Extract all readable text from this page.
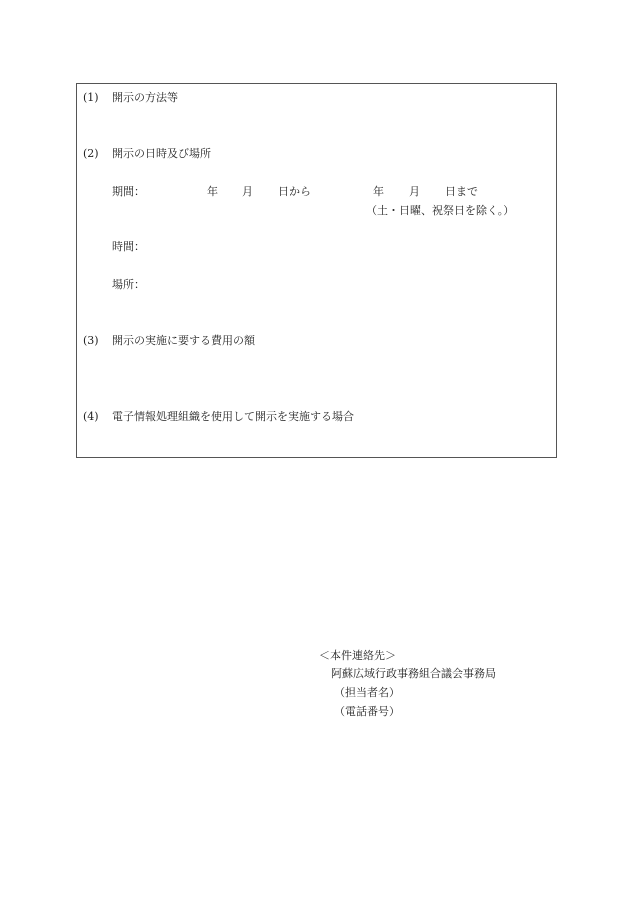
(1) 開示の方法等
(2) 開示の日時及び場所
期間：	年 月 日から	年 月 日まで
（土・日曜、祝祭日を除く。）
時間：
場所：
(3) 開示の実施に要する費用の額
(4) 電子情報処理組織を使用して開示を実施する場合
＜本件連絡先＞
阿蘇広域行政事務組合議会事務局
（担当者名）
（電話番号）
